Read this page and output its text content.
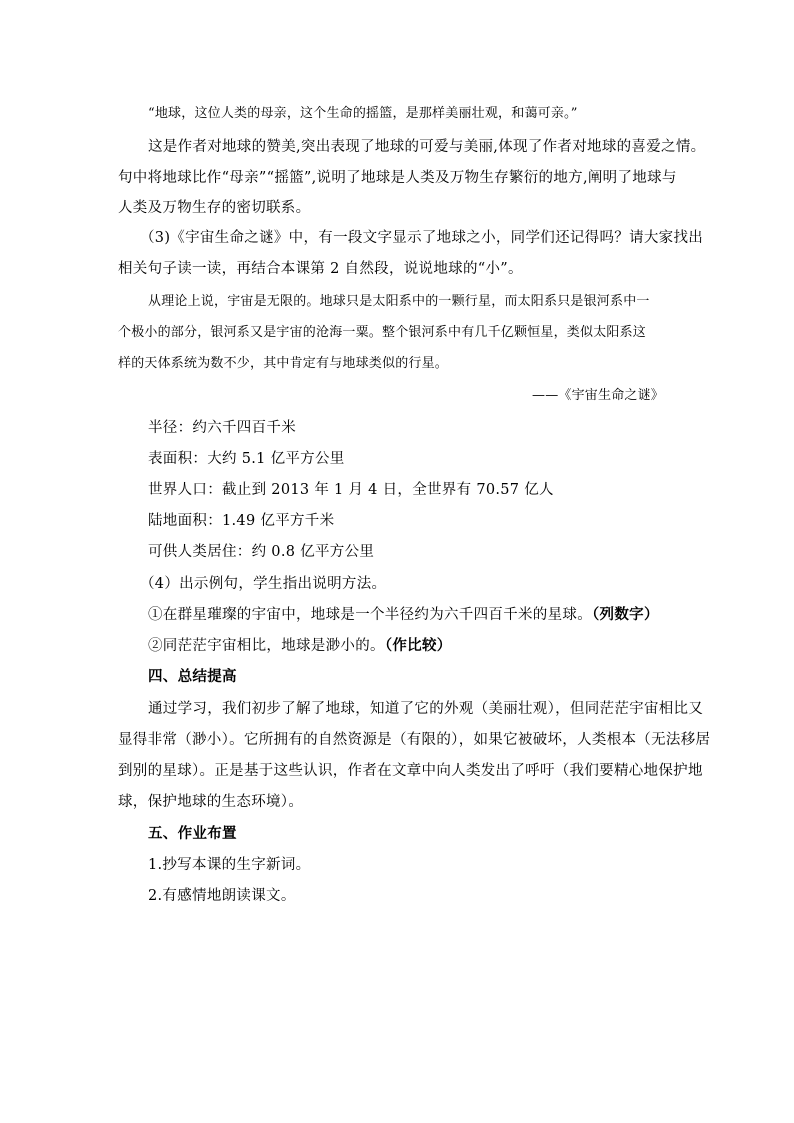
“地球，这位人类的母亲，这个生命的摇篮，是那样美丽壮观，和蔼可亲。”
这是作者对地球的赞美,突出表现了地球的可爱与美丽,体现了作者对地球的喜爱之情。
句中将地球比作“母亲”“摇篮”,说明了地球是人类及万物生存繁衍的地方,阐明了地球与
人类及万物生存的密切联系。
（3)《宇宙生命之谜》中，有一段文字显示了地球之小，同学们还记得吗？请大家找出
相关句子读一读，再结合本课第 2 自然段，说说地球的“小”。
从理论上说，宇宙是无限的。地球只是太阳系中的一颗行星，而太阳系只是银河系中一
个极小的部分，银河系又是宇宙的沧海一粟。整个银河系中有几千亿颗恒星，类似太阳系这
样的天体系统为数不少，其中肯定有与地球类似的行星。
——《宇宙生命之谜》
半径：约六千四百千米
表面积：大约 5.1 亿平方公里
世界人口：截止到 2013 年 1 月 4 日，全世界有 70.57 亿人
陆地面积：1.49 亿平方千米
可供人类居住：约 0.8 亿平方公里
（4）出示例句，学生指出说明方法。
①在群星璀璨的宇宙中，地球是一个半径约为六千四百千米的星球。（列数字）
②同茫茫宇宙相比，地球是渺小的。（作比较）
四、总结提高
通过学习，我们初步了解了地球，知道了它的外观（美丽壮观），但同茫茫宇宙相比又
显得非常（渺小）。它所拥有的自然资源是（有限的），如果它被破坏，人类根本（无法移居
到别的星球）。正是基于这些认识，作者在文章中向人类发出了呼吁（我们要精心地保护地
球，保护地球的生态环境）。
五、作业布置
1.抄写本课的生字新词。
2.有感情地朗读课文。
